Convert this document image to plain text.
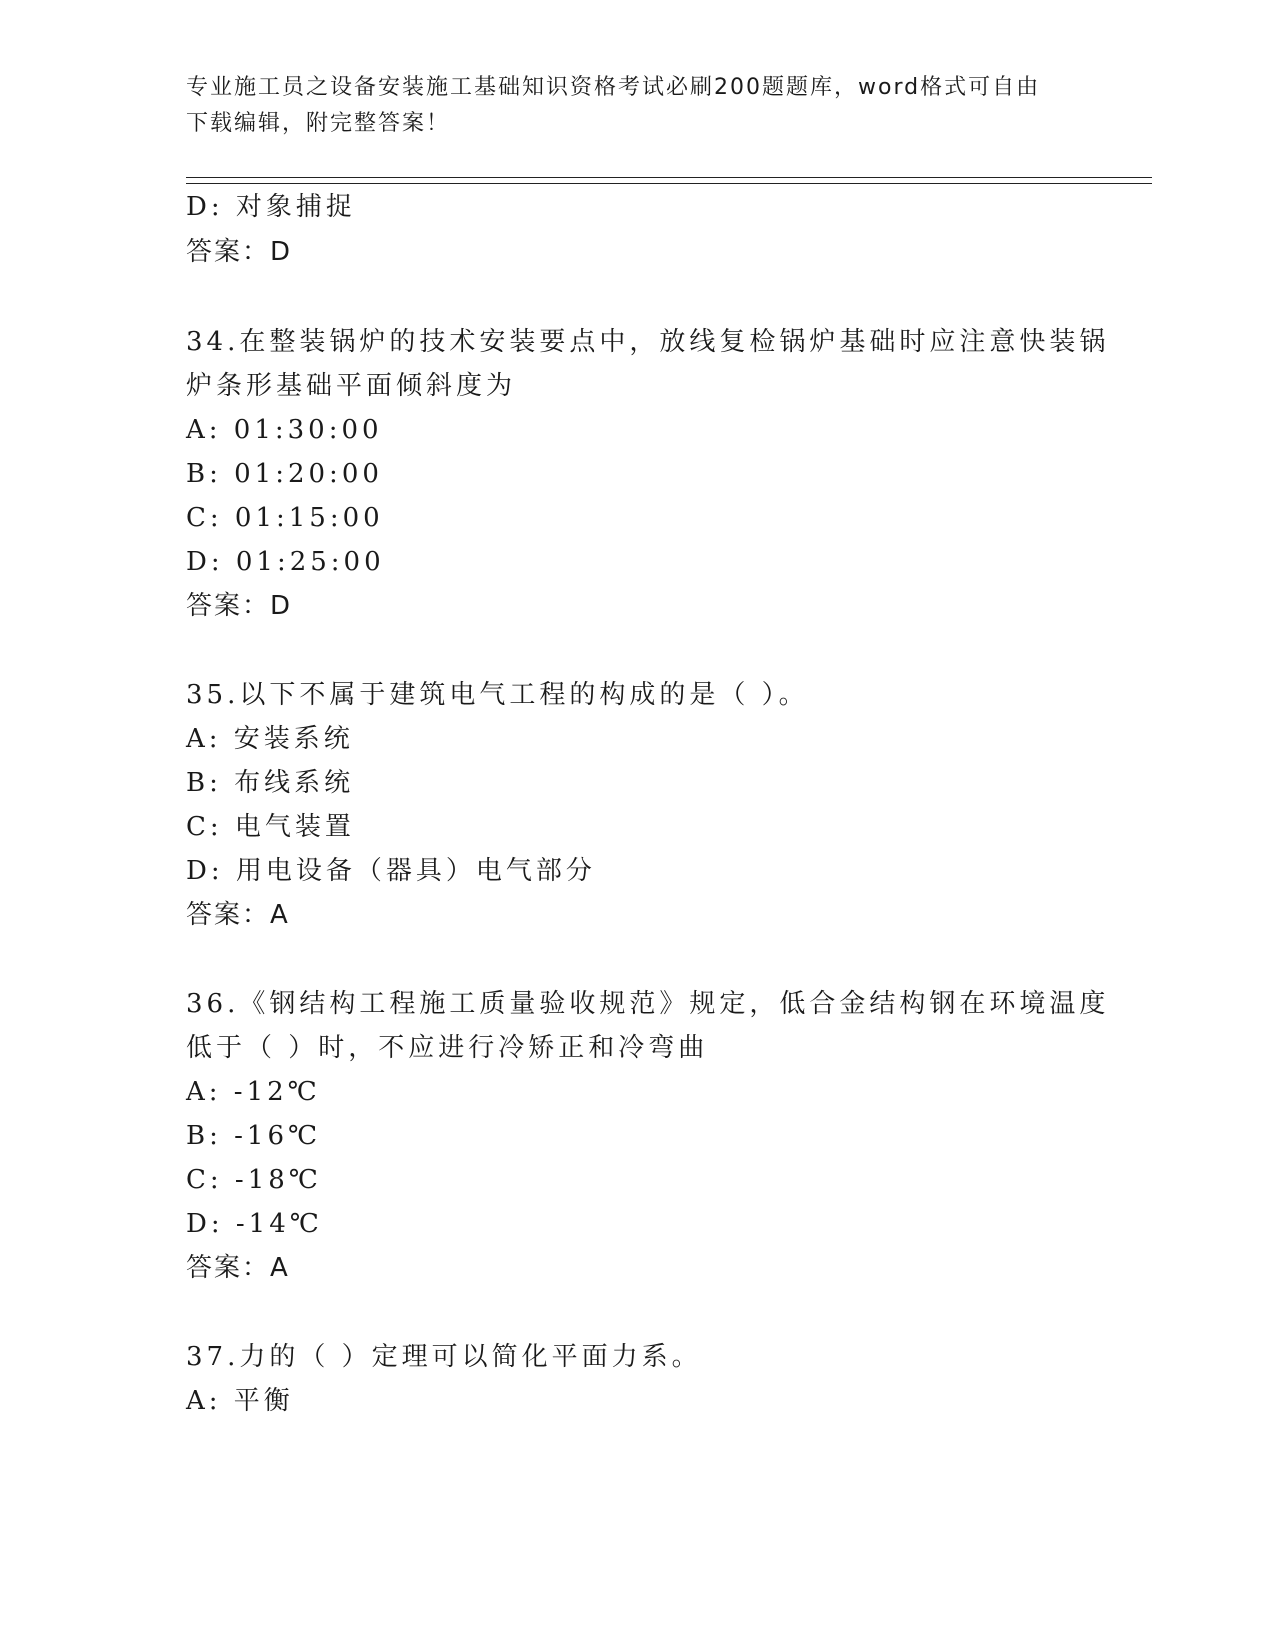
专业施工员之设备安装施工基础知识资格考试必刷200题题库，word格式可自由
下载编辑，附完整答案！
D: 对象捕捉
答案：D
34.在整装锅炉的技术安装要点中，放线复检锅炉基础时应注意快装锅
炉条形基础平面倾斜度为
A: 01:30:00
B: 01:20:00
C: 01:15:00
D: 01:25:00
答案：D
35.以下不属于建筑电气工程的构成的是（ ）。
A: 安装系统
B: 布线系统
C: 电气装置
D: 用电设备（器具）电气部分
答案：A
36.《钢结构工程施工质量验收规范》规定，低合金结构钢在环境温度
低于（ ）时，不应进行冷矫正和冷弯曲
A: -12℃
B: -16℃
C: -18℃
D: -14℃
答案：A
37.力的（ ）定理可以简化平面力系。
A: 平衡
